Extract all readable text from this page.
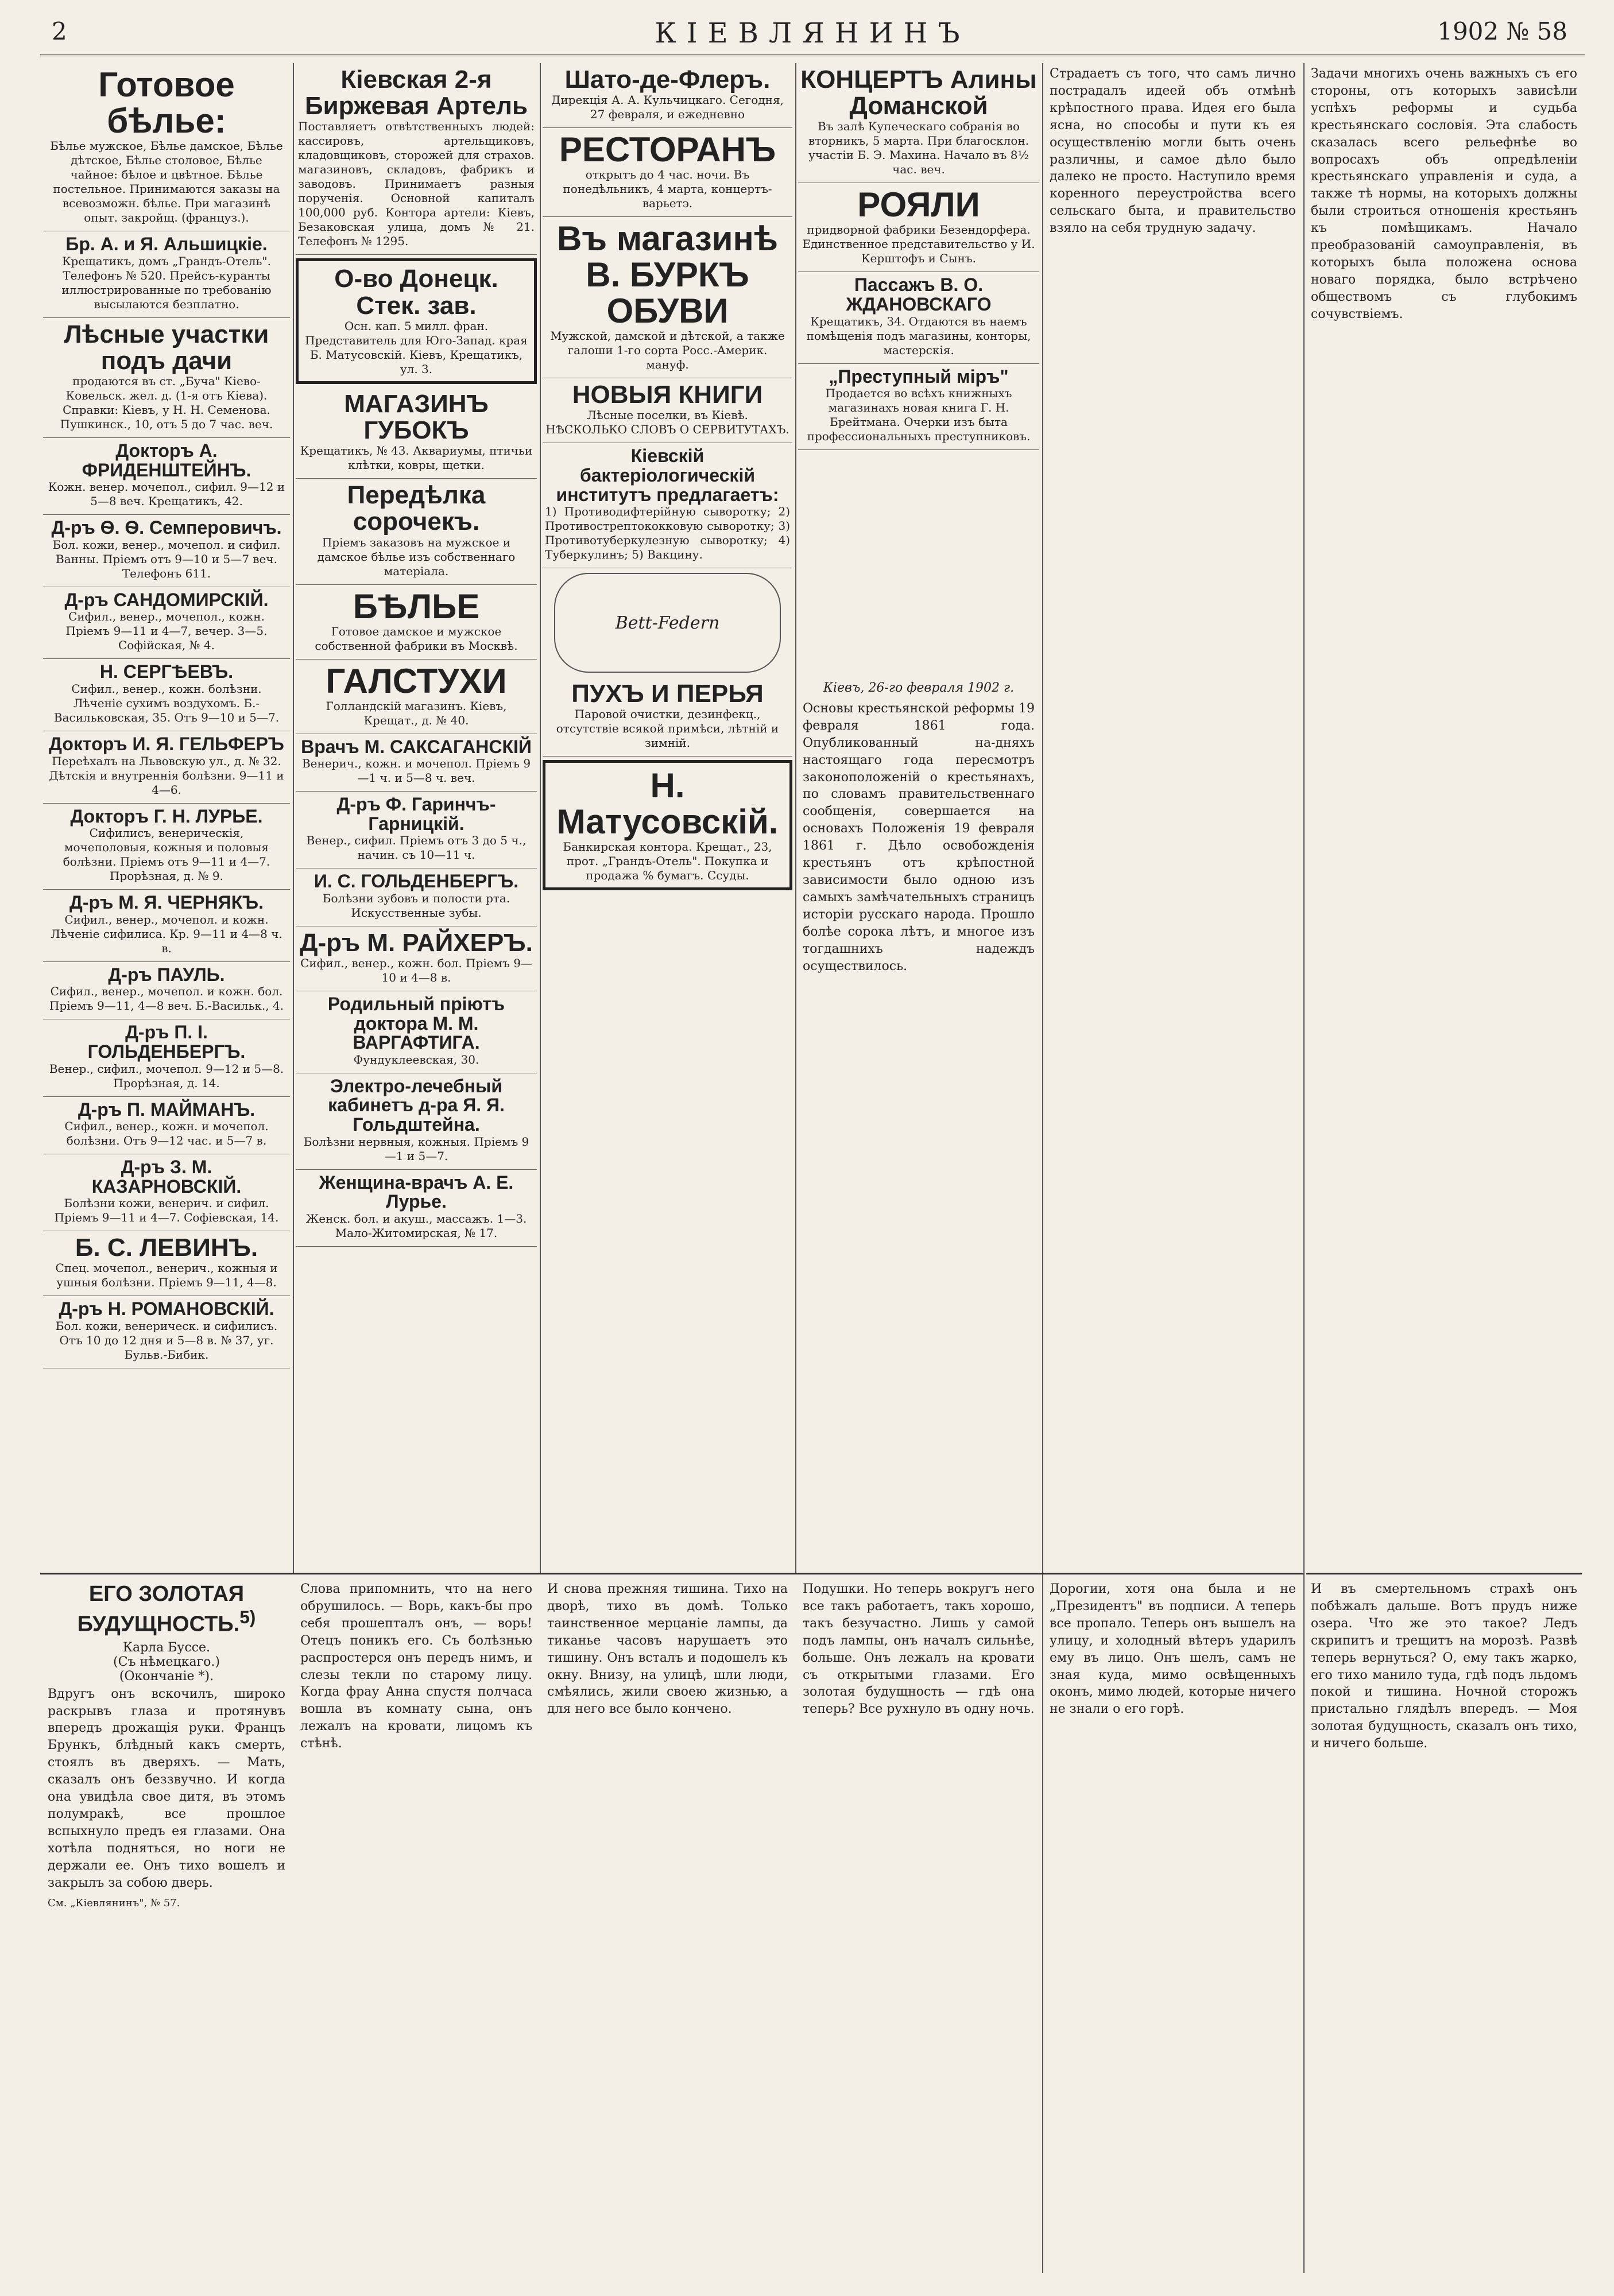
2	КІЕВЛЯНИНЪ	1902 № 58
Готовое бѣлье:
Бѣлье мужское, Бѣлье дамское, Бѣлье дѣтское, Бѣлье столовое, Бѣлье чайное: бѣлое и цвѣтное. Бѣлье постельное. Принимаются заказы на всевозможн. бѣлье. При магазинѣ опыт. закройщ. (француз.).
Бр. А. и Я. Альшицкіе.
Крещатикъ, домъ „Грандъ-Отель". Телефонъ № 520. Прейсъ-куранты иллюстрированные по требованію высылаются безплатно.
Лѣсные участки подъ дачи
продаются въ ст. „Буча" Кіево-Ковельск. жел. д. (1-я отъ Кіева). Справки: Кіевъ, у Н. Н. Семенова. Пушкинск., 10, отъ 5 до 7 час. веч.
Докторъ А. ФРИДЕНШТЕЙНЪ.
Кожн. венер. мочепол., сифил. 9—12 и 5—8 веч. Крещатикъ, 42.
Д-ръ Ѳ. Ѳ. Семперовичъ.
Бол. кожи, венер., мочепол. и сифил. Ванны. Пріемъ отъ 9—10 и 5—7 веч. Телефонъ 611.
Д-ръ САНДОМИРСКІЙ.
Сифил., венер., мочепол., кожн. Пріемъ 9—11 и 4—7, вечер. 3—5. Софійская, № 4.
Н. СЕРГѢЕВЪ.
Сифил., венер., кожн. болѣзни. Лѣченіе сухимъ воздухомъ. Б.-Васильковская, 35. Отъ 9—10 и 5—7.
Докторъ И. Я. ГЕЛЬФЕРЪ
Переѣхалъ на Львовскую ул., д. № 32. Дѣтскія и внутреннія болѣзни. 9—11 и 4—6.
Докторъ Г. Н. ЛУРЬЕ.
Сифилисъ, венерическія, мочеполовыя, кожныя и половыя болѣзни. Пріемъ отъ 9—11 и 4—7. Прорѣзная, д. № 9.
Д-ръ М. Я. ЧЕРНЯКЪ.
Сифил., венер., мочепол. и кожн. Лѣченіе сифилиса. Кр. 9—11 и 4—8 ч. в.
Д-ръ ПАУЛЬ.
Сифил., венер., мочепол. и кожн. бол. Пріемъ 9—11, 4—8 веч. Б.-Васильк., 4.
Д-ръ П. І. ГОЛЬДЕНБЕРГЪ.
Венер., сифил., мочепол. 9—12 и 5—8. Прорѣзная, д. 14.
Д-ръ П. МАЙМАНЪ.
Сифил., венер., кожн. и мочепол. болѣзни. Отъ 9—12 час. и 5—7 в.
Д-ръ З. М. КАЗАРНОВСКІЙ.
Болѣзни кожи, венерич. и сифил. Пріемъ 9—11 и 4—7. Софіевская, 14.
Б. С. ЛЕВИНЪ.
Спец. мочепол., венерич., кожныя и ушныя болѣзни. Пріемъ 9—11, 4—8.
Д-ръ Н. РОМАНОВСКІЙ.
Бол. кожи, венерическ. и сифилисъ. Отъ 10 до 12 дня и 5—8 в. № 37, уг. Бульв.-Бибик.
Кіевская 2-я Биржевая Артель
Поставляетъ отвѣтственныхъ людей: кассировъ, артельщиковъ, кладовщиковъ, сторожей для страхов. магазиновъ, складовъ, фабрикъ и заводовъ. Принимаетъ разныя порученія. Основной капиталъ 100,000 руб. Контора артели: Кіевъ, Безаковская улица, домъ № 21. Телефонъ № 1295.
О-во Донецк. Стек. зав.
Осн. кап. 5 милл. фран. Представитель для Юго-Запад. края Б. Матусовскій. Кіевъ, Крещатикъ, ул. 3.
МАГАЗИНЪ ГУБОКЪ
Крещатикъ, № 43. Аквариумы, птичьи клѣтки, ковры, щетки.
Передѣлка сорочекъ.
Пріемъ заказовъ на мужское и дамское бѣлье изъ собственнаго матеріала.
БѢЛЬЕ
Готовое дамское и мужское собственной фабрики въ Москвѣ.
ГАЛСТУХИ
Голландскій магазинъ. Кіевъ, Крещат., д. № 40.
Врачъ М. САКСАГАНСКІЙ
Венерич., кожн. и мочепол. Пріемъ 9—1 ч. и 5—8 ч. веч.
Д-ръ Ф. Гаринчъ-Гарницкій.
Венер., сифил. Пріемъ отъ 3 до 5 ч., начин. съ 10—11 ч.
И. С. ГОЛЬДЕНБЕРГЪ.
Болѣзни зубовъ и полости рта. Искусственные зубы.
Д-ръ М. РАЙХЕРЪ.
Сифил., венер., кожн. бол. Пріемъ 9—10 и 4—8 в.
Родильный пріютъ доктора М. М. ВАРГАФТИГА.
Фундуклеевская, 30.
Электро-лечебный кабинетъ д-ра Я. Я. Гольдштейна.
Болѣзни нервныя, кожныя. Пріемъ 9—1 и 5—7.
Женщина-врачъ А. Е. Лурье.
Женск. бол. и акуш., массажъ. 1—3. Мало-Житомирская, № 17.
Шато-де-Флеръ.
Дирекція А. А. Кульчицкаго. Сегодня, 27 февраля, и ежедневно
РЕСТОРАНЪ
открытъ до 4 час. ночи. Въ понедѣльникъ, 4 марта, концертъ-варьетэ.
Въ магазинѣ В. БУРКЪ ОБУВИ
Мужской, дамской и дѣтской, а также галоши 1-го сорта Росс.-Америк. мануф.
НОВЫЯ КНИГИ
Лѣсные поселки, въ Кіевѣ. НѢСКОЛЬКО СЛОВЪ О СЕРВИТУТАХЪ.
Кіевскій бактеріологическій институтъ предлагаетъ:
1) Противодифтерійную сыворотку; 2) Противострептококковую сыворотку; 3) Противотуберкулезную сыворотку; 4) Туберкулинъ; 5) Вакцину.
Bett-Federn
ПУХЪ И ПЕРЬЯ
Паровой очистки, дезинфекц., отсутствіе всякой примѣси, лѣтній и зимній.
Н. Матусовскій.
Банкирская контора. Крещат., 23, прот. „Грандъ-Отель". Покупка и продажа % бумагъ. Ссуды.
КОНЦЕРТЪ Алины Доманской
Въ залѣ Купеческаго собранія во вторникъ, 5 марта. При благосклон. участіи Б. Э. Махина. Начало въ 8½ час. веч.
РОЯЛИ
придворной фабрики Безендорфера. Единственное представительство у И. Керштофъ и Сынъ.
Пассажъ В. О. ЖДАНОВСКАГО
Крещатикъ, 34. Отдаются въ наемъ помѣщенія подъ магазины, конторы, мастерскія.
„Преступный міръ"
Продается во всѣхъ книжныхъ магазинахъ новая книга Г. Н. Брейтмана. Очерки изъ быта профессиональныхъ преступниковъ.
Кіевъ, 26-го февраля 1902 г.
Основы крестьянской реформы 19 февраля 1861 года. Опубликованный на-дняхъ настоящаго года пересмотръ законоположеній о крестьянахъ, по словамъ правительственнаго сообщенія, совершается на основахъ Положенія 19 февраля 1861 г. Дѣло освобожденія крестьянъ отъ крѣпостной зависимости было одною изъ самыхъ замѣчательныхъ страницъ исторіи русскаго народа. Прошло болѣе сорока лѣтъ, и многое изъ тогдашнихъ надеждъ осуществилось.
Страдаетъ съ того, что самъ лично пострадалъ идеей объ отмѣнѣ крѣпостного права. Идея его была ясна, но способы и пути къ ея осуществленію могли быть очень различны, и самое дѣло было далеко не просто. Наступило время коренного переустройства всего сельскаго быта, и правительство взяло на себя трудную задачу.
Задачи многихъ очень важныхъ съ его стороны, отъ которыхъ зависѣли успѣхъ реформы и судьба крестьянскаго сословія. Эта слабость сказалась всего рельефнѣе во вопросахъ объ опредѣленіи крестьянскаго управленія и суда, а также тѣ нормы, на которыхъ должны были строиться отношенія крестьянъ къ помѣщикамъ. Начало преобразованій самоуправленія, въ которыхъ была положена основа новаго порядка, было встрѣчено обществомъ съ глубокимъ сочувствіемъ.
ЕГО ЗОЛОТАЯ БУДУЩНОСТЬ.$^{5)}$
Карла Буссе.
(Съ нѣмецкаго.)
(Окончаніе *).
Вдругъ онъ вскочилъ, широко раскрывъ глаза и протянувъ впередъ дрожащія руки. Францъ Брункъ, блѣдный какъ смерть, стоялъ въ дверяхъ. — Мать, сказалъ онъ беззвучно. И когда она увидѣла свое дитя, въ этомъ полумракѣ, все прошлое вспыхнуло предъ ея глазами. Она хотѣла подняться, но ноги не держали ее. Онъ тихо вошелъ и закрылъ за собою дверь.
Cм. „Кіевлянинъ", № 57.
Слова припомнить, что на него обрушилось. — Ворь, какъ-бы про себя прошепталъ онъ, — ворь! Отецъ поникъ его. Съ болѣзнью распростерся онъ передъ нимъ, и слезы текли по старому лицу. Когда фрау Анна спустя полчаса вошла въ комнату сына, онъ лежалъ на кровати, лицомъ къ стѣнѣ.
И снова прежняя тишина. Тихо на дворѣ, тихо въ домѣ. Только таинственное мерцаніе лампы, да тиканье часовъ нарушаетъ это тишину. Онъ всталъ и подошелъ къ окну. Внизу, на улицѣ, шли люди, смѣялись, жили своею жизнью, а для него все было кончено.
Подушки. Но теперь вокругъ него все такъ работаетъ, такъ хорошо, такъ безучастно. Лишь у самой подъ лампы, онъ началъ сильнѣе, больше. Онъ лежалъ на кровати съ открытыми глазами. Его золотая будущность — гдѣ она теперь? Все рухнуло въ одну ночь.
Дорогии, хотя она была и не „Президентъ" въ подписи. А теперь все пропало. Теперь онъ вышелъ на улицу, и холодный вѣтеръ ударилъ ему въ лицо. Онъ шелъ, самъ не зная куда, мимо освѣщенныхъ оконъ, мимо людей, которые ничего не знали о его горѣ.
И въ смертельномъ страхѣ онъ побѣжалъ дальше. Вотъ прудъ ниже озера. Что же это такое? Ледъ скрипитъ и трещитъ на морозѣ. Развѣ теперь вернуться? О, ему такъ жарко, его тихо манило туда, гдѣ подъ льдомъ покой и тишина. Ночной сторожъ пристально глядѣлъ впередъ. — Моя золотая будущность, сказалъ онъ тихо, и ничего больше.
